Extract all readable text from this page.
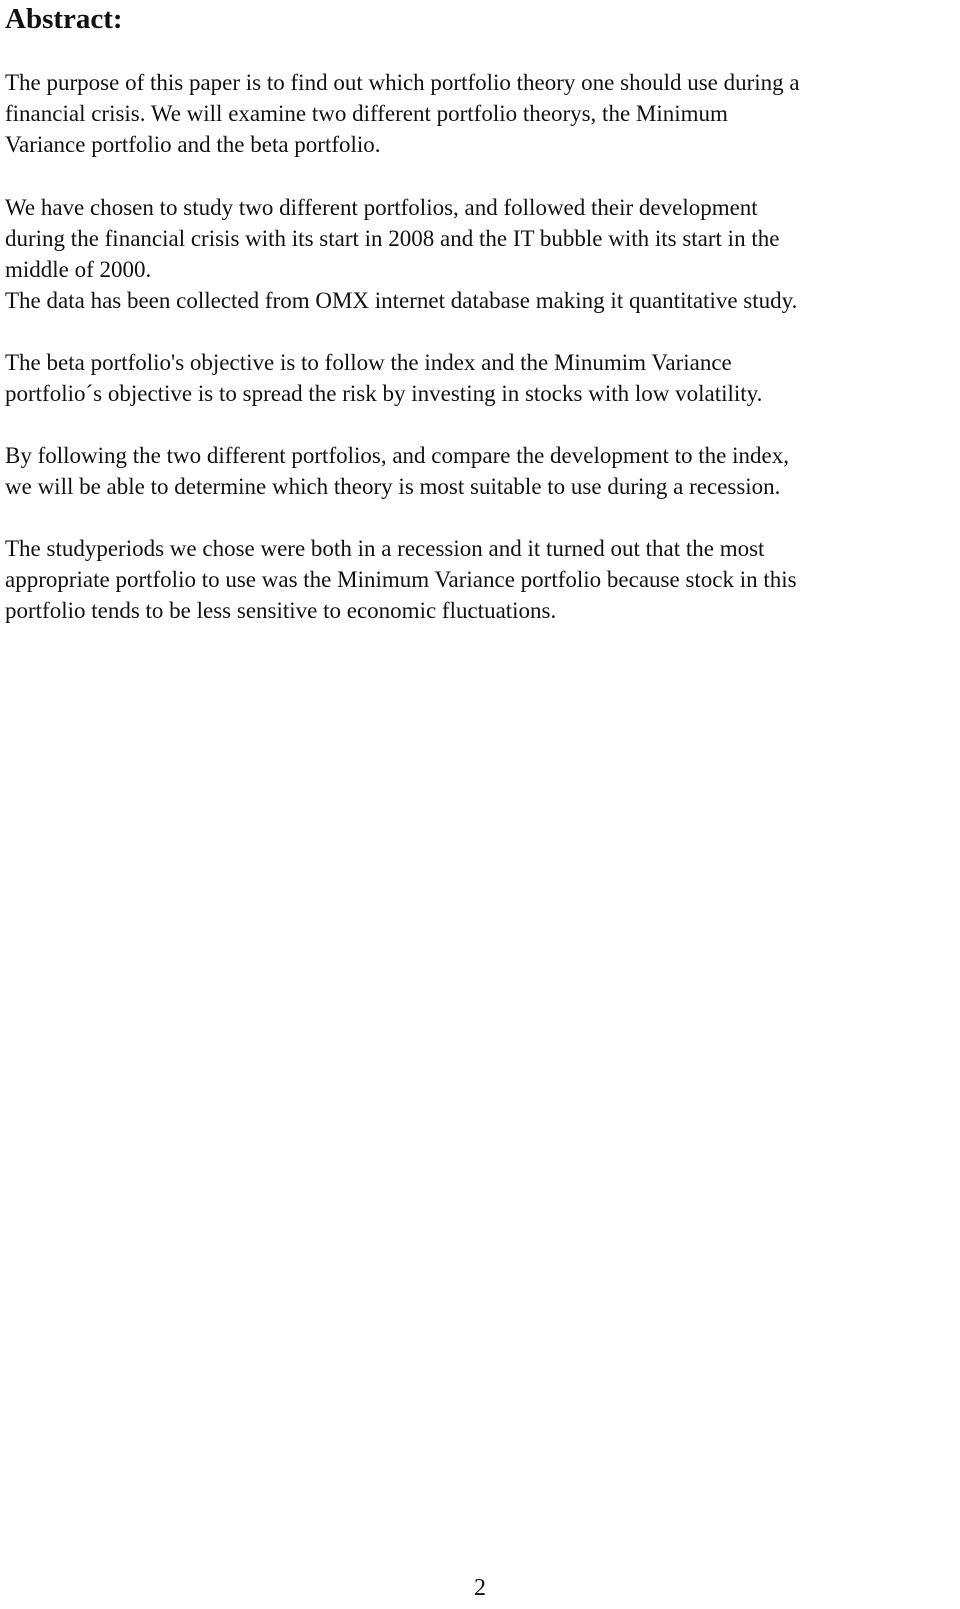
Abstract:

The purpose of this paper is to find out which portfolio theory one should use during a
financial crisis. We will examine two different portfolio theorys, the Minimum
Variance portfolio and the beta portfolio.

We have chosen to study two different portfolios, and followed their development
during the financial crisis with its start in 2008 and the IT bubble with its start in the
middle of 2000.
The data has been collected from OMX internet database making it quantitative study.

The beta portfolio's objective is to follow the index and the Minumim Variance
portfolio´s objective is to spread the risk by investing in stocks with low volatility.

By following the two different portfolios, and compare the development to the index,
we will be able to determine which theory is most suitable to use during a recession.

The studyperiods we chose were both in a recession and it turned out that the most
appropriate portfolio to use was the Minimum Variance portfolio because stock in this
portfolio tends to be less sensitive to economic fluctuations.

2
